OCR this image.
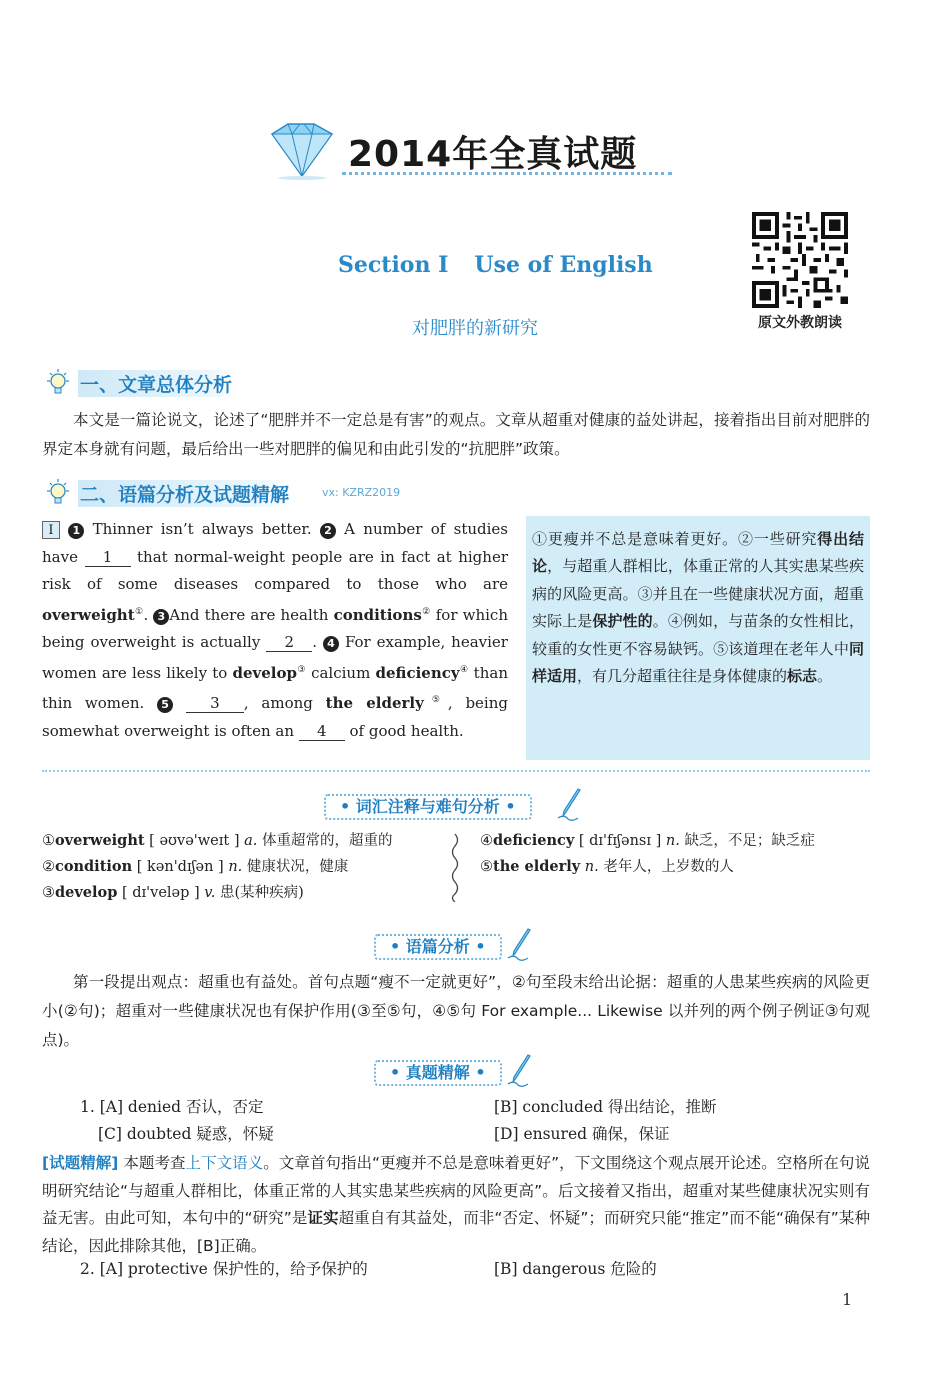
2014年全真试题
原文外教朗读
Section Ⅰ Use of English
对肥胖的新研究
一、文章总体分析

本文是一篇论说文，论述了“肥胖并不一定总是有害”的观点。文章从超重对健康的益处讲起，接着指出目前对肥胖的界定本身就有问题，最后给出一些对肥胖的偏见和由此引发的“抗肥胖”政策。

二、语篇分析及试题精解	vx: KZRZ2019
Ⅰ 1 Thinner isn’t always better. 2 A number of studies have 1 that normal-weight people are in fact at higher risk of some diseases compared to those who are overweight①. 3 And there are health conditions② for which being overweight is actually 2 . 4 For example, heavier women are less likely to develop③ calcium deficiency④ than thin women. 5	3 , among the elderly⑤, being somewhat overweight is often an 4 of good health.
①更瘦并不总是意味着更好。②一些研究得出结论，与超重人群相比，体重正常的人其实患某些疾病的风险更高。③并且在一些健康状况方面，超重实际上是保护性的。④例如，与苗条的女性相比，较重的女性更不容易缺钙。⑤该道理在老年人中同样适用，有几分超重往往是身体健康的标志。
• 词汇注释与难句分析 •
①overweight [ əʊvə'weɪt ] a. 体重超常的，超重的
②condition [ kən'dɪʃən ] n. 健康状况，健康
③develop [ dɪ'veləp ] v. 患(某种疾病)
④deficiency [ dɪ'fɪʃənsɪ ] n. 缺乏，不足；缺乏症
⑤the elderly n. 老年人，上岁数的人
• 语篇分析 •

第一段提出观点：超重也有益处。首句点题“瘦不一定就更好”，②句至段末给出论据：超重的人患某些疾病的风险更小(②句)；超重对一些健康状况也有保护作用(③至⑤句，④⑤句 For example... Likewise 以并列的两个例子例证③句观点)。

• 真题精解 •
1. [A] denied 否认，否定	[B] concluded 得出结论，推断
[C] doubted 疑惑，怀疑	[D] ensured 确保，保证
[试题精解] 本题考查上下文语义。文章首句指出“更瘦并不总是意味着更好”，下文围绕这个观点展开论述。空格所在句说明研究结论“与超重人群相比，体重正常的人其实患某些疾病的风险更高”。后文接着又指出，超重对某些健康状况实则有益无害。由此可知，本句中的“研究”是证实超重自有其益处，而非“否定、怀疑”；而研究只能“推定”而不能“确保有”某种结论，因此排除其他，[B]正确。
2. [A] protective 保护性的，给予保护的	[B] dangerous 危险的
1
